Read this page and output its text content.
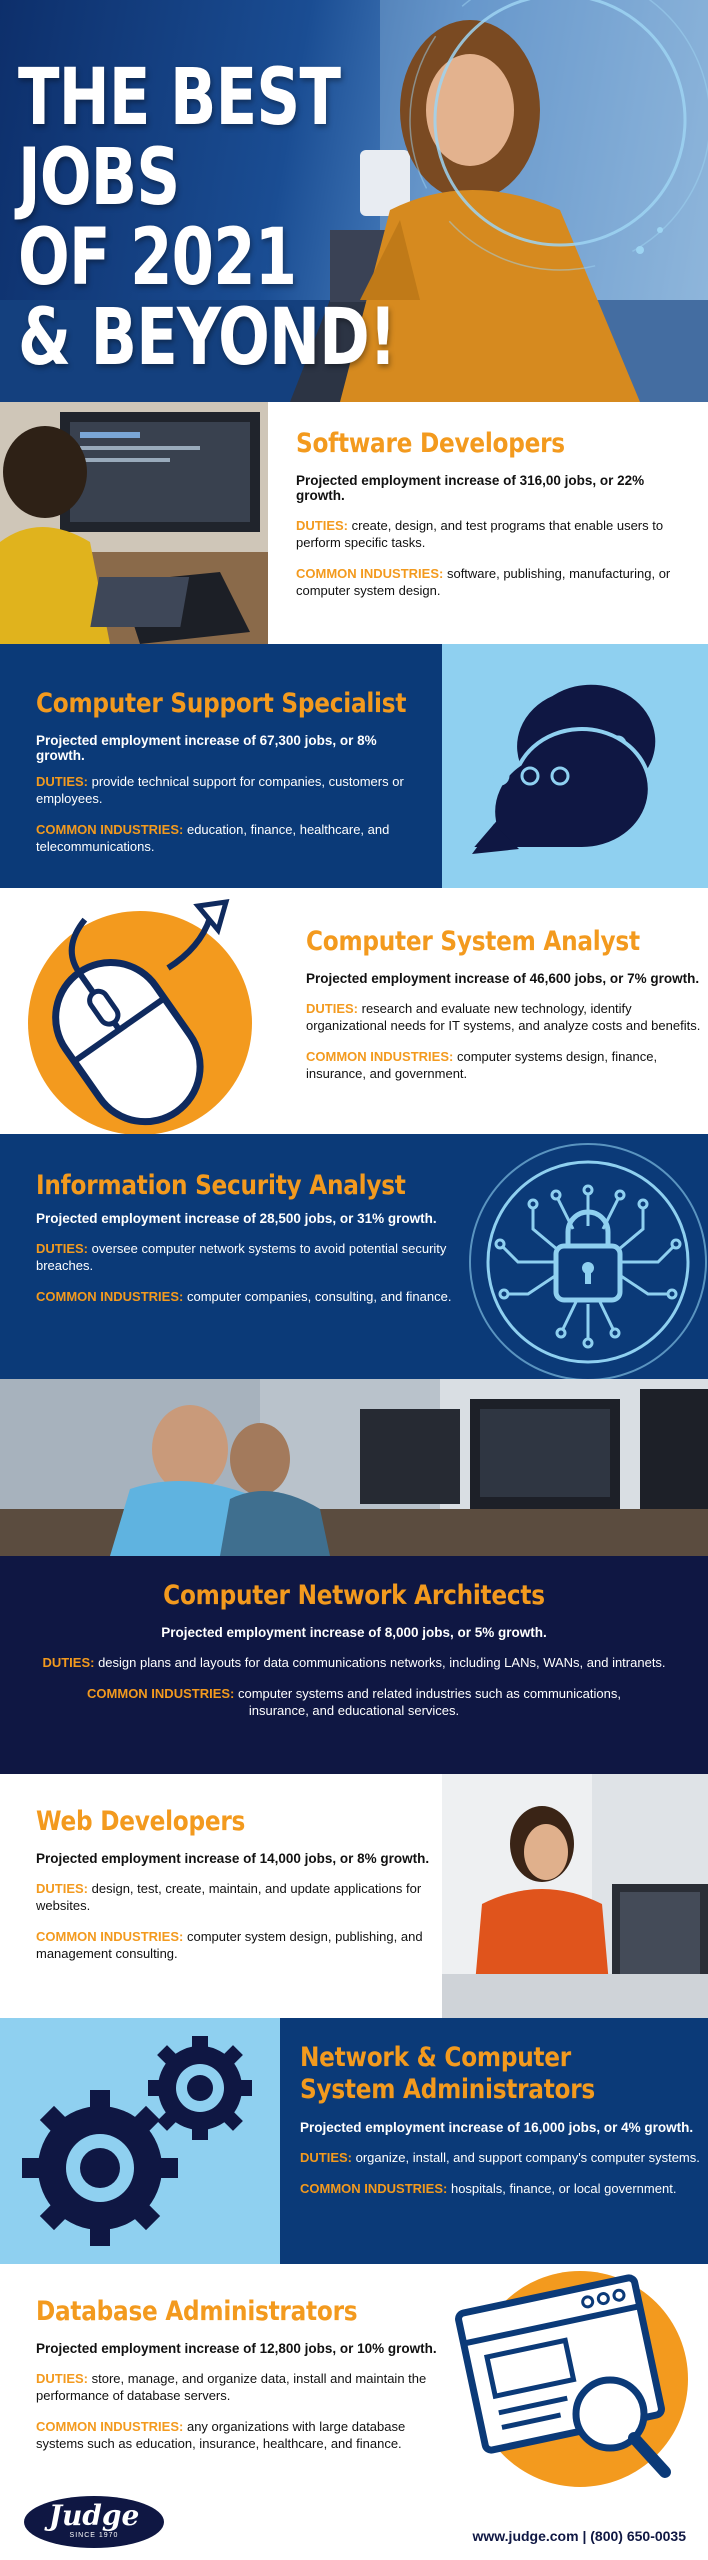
THE BEST JOBS
OF 2021
& BEYOND!
Software Developers
Projected employment increase of 316,00 jobs, or 22% growth.
DUTIES: create, design, and test programs that enable users to perform specific tasks.
COMMON INDUSTRIES: software, publishing, manufacturing, or computer system design.
Computer Support Specialist
Projected employment increase of 67,300 jobs, or 8% growth.
DUTIES: provide technical support for companies, customers or employees.
COMMON INDUSTRIES: education, finance, healthcare, and telecommunications.
Computer System Analyst
Projected employment increase of 46,600 jobs, or 7% growth.
DUTIES: research and evaluate new technology, identify organizational needs for IT systems, and analyze costs and benefits.
COMMON INDUSTRIES: computer systems design, finance, insurance, and government.
Information Security Analyst
Projected employment increase of 28,500 jobs, or 31% growth.
DUTIES: oversee computer network systems to avoid potential security breaches.
COMMON INDUSTRIES: computer companies, consulting, and finance.
Computer Network Architects
Projected employment increase of 8,000 jobs, or 5% growth.
DUTIES: design plans and layouts for data communications networks, including LANs, WANs, and intranets.
COMMON INDUSTRIES: computer systems and related industries such as communications, insurance, and educational services.
Web Developers
Projected employment increase of 14,000 jobs, or 8% growth.
DUTIES: design, test, create, maintain, and update applications for websites.
COMMON INDUSTRIES: computer system design, publishing, and management consulting.
Network & Computer
System Administrators
Projected employment increase of 16,000 jobs, or 4% growth.
DUTIES: organize, install, and support company's computer systems.
COMMON INDUSTRIES: hospitals, finance, or local government.
Database Administrators
Projected employment increase of 12,800 jobs, or 10% growth.
DUTIES: store, manage, and organize data, install and maintain the performance of database servers.
COMMON INDUSTRIES: any organizations with large database systems such as education, insurance, healthcare, and finance.
Judge
SINCE 1970	www.judge.com | (800) 650-0035
